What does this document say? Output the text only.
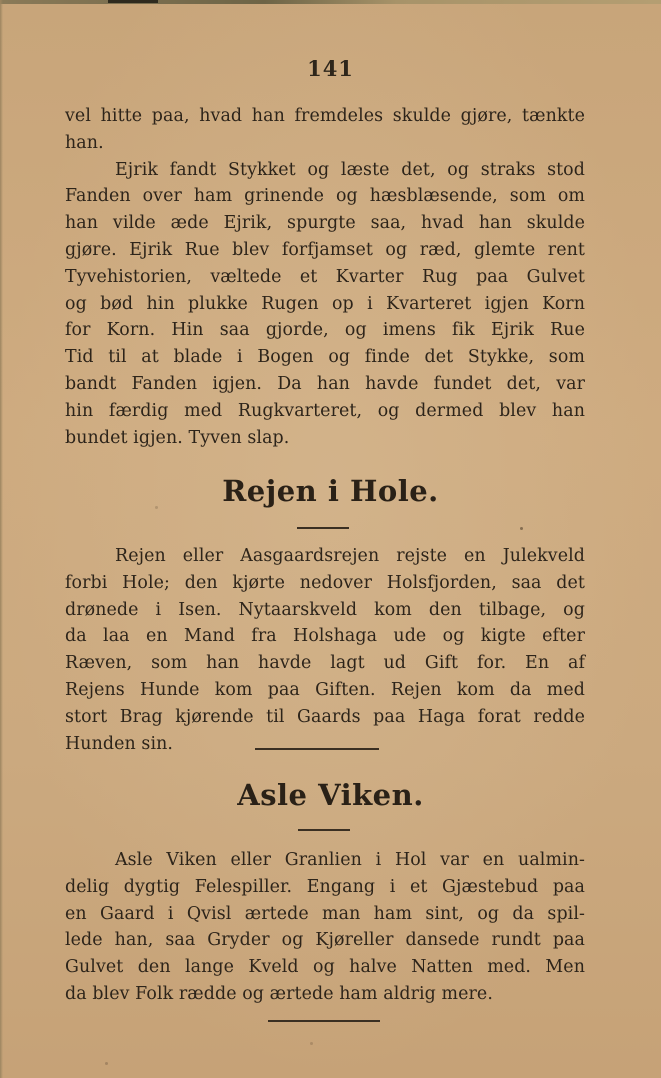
141
vel hitte paa, hvad han fremdeles skulde gjøre, tænkte
han.
Ejrik fandt Stykket og læste det, og straks stod
Fanden over ham grinende og hæsblæsende, som om
han vilde æde Ejrik, spurgte saa, hvad han skulde
gjøre. Ejrik Rue blev forfjamset og ræd, glemte rent
Tyvehistorien, væltede et Kvarter Rug paa Gulvet
og bød hin plukke Rugen op i Kvarteret igjen Korn
for Korn. Hin saa gjorde, og imens fik Ejrik Rue
Tid til at blade i Bogen og finde det Stykke, som
bandt Fanden igjen. Da han havde fundet det, var
hin færdig med Rugkvarteret, og dermed blev han
bundet igjen. Tyven slap.
Rejen i Hole.
Rejen eller Aasgaardsrejen rejste en Julekveld
forbi Hole; den kjørte nedover Holsfjorden, saa det
drønede i Isen. Nytaarskveld kom den tilbage, og
da laa en Mand fra Holshaga ude og kigte efter
Ræven, som han havde lagt ud Gift for. En af
Rejens Hunde kom paa Giften. Rejen kom da med
stort Brag kjørende til Gaards paa Haga forat redde
Hunden sin.
Asle Viken.
Asle Viken eller Granlien i Hol var en ualmin-
delig dygtig Felespiller. Engang i et Gjæstebud paa
en Gaard i Qvisl ærtede man ham sint, og da spil-
lede han, saa Gryder og Kjøreller dansede rundt paa
Gulvet den lange Kveld og halve Natten med. Men
da blev Folk rædde og ærtede ham aldrig mere.
